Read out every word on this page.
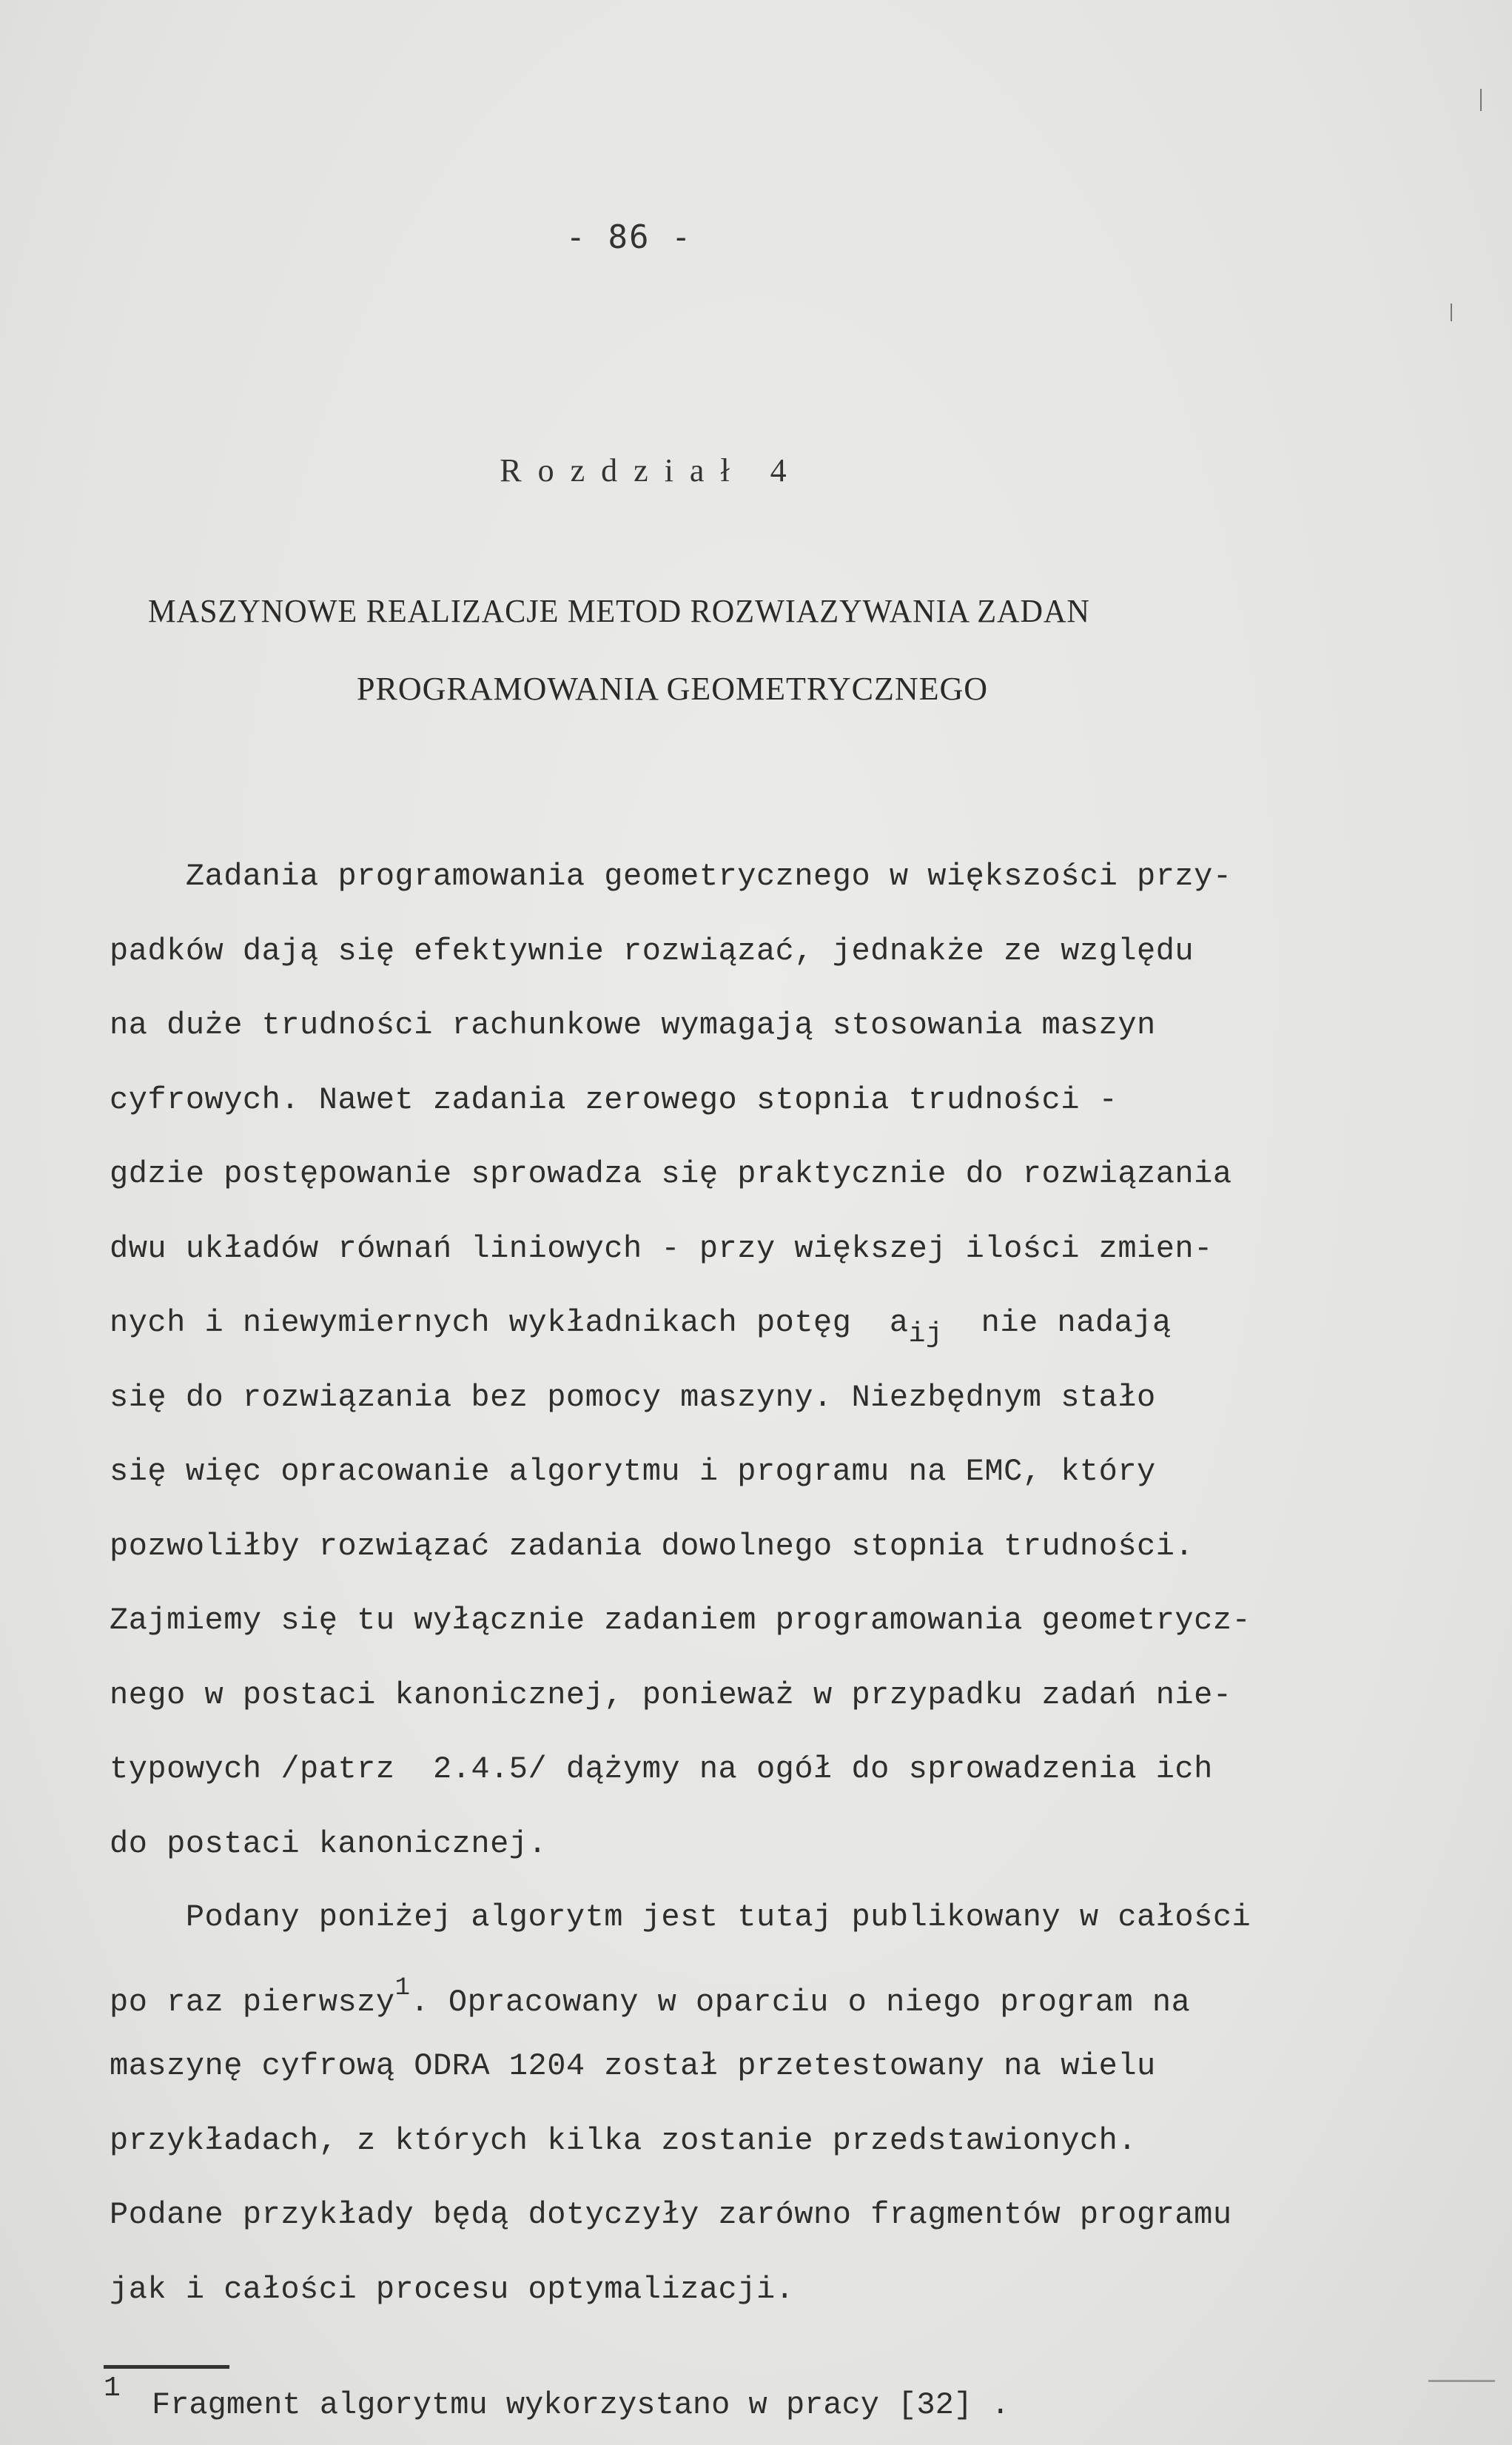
- 86 -
Rozdział 4
MASZYNOWE REALIZACJE METOD ROZWIAZYWANIA ZADAN
PROGRAMOWANIA GEOMETRYCZNEGO
Zadania programowania geometrycznego w większości przy-
padków dają się efektywnie rozwiązać, jednakże ze względu
na duże trudności rachunkowe wymagają stosowania maszyn
cyfrowych. Nawet zadania zerowego stopnia trudności -
gdzie postępowanie sprowadza się praktycznie do rozwiązania
dwu układów równań liniowych - przy większej ilości zmien-
nych i niewymiernych wykładnikach potęg  $a_{ij}$  nie nadają
się do rozwiązania bez pomocy maszyny. Niezbędnym stało
się więc opracowanie algorytmu i programu na EMC, który
pozwoliłby rozwiązać zadania dowolnego stopnia trudności.
Zajmiemy się tu wyłącznie zadaniem programowania geometrycz-
nego w postaci kanonicznej, ponieważ w przypadku zadań nie-
typowych /patrz  2.4.5/ dążymy na ogół do sprowadzenia ich
do postaci kanonicznej.
Podany poniżej algorytm jest tutaj publikowany w całości
po raz pierwszy$^1$. Opracowany w oparciu o niego program na
maszynę cyfrową ODRA 1204 został przetestowany na wielu
przykładach, z których kilka zostanie przedstawionych.
Podane przykłady będą dotyczyły zarówno fragmentów programu
jak i całości procesu optymalizacji.
1 Fragment algorytmu wykorzystano w pracy [32] .
